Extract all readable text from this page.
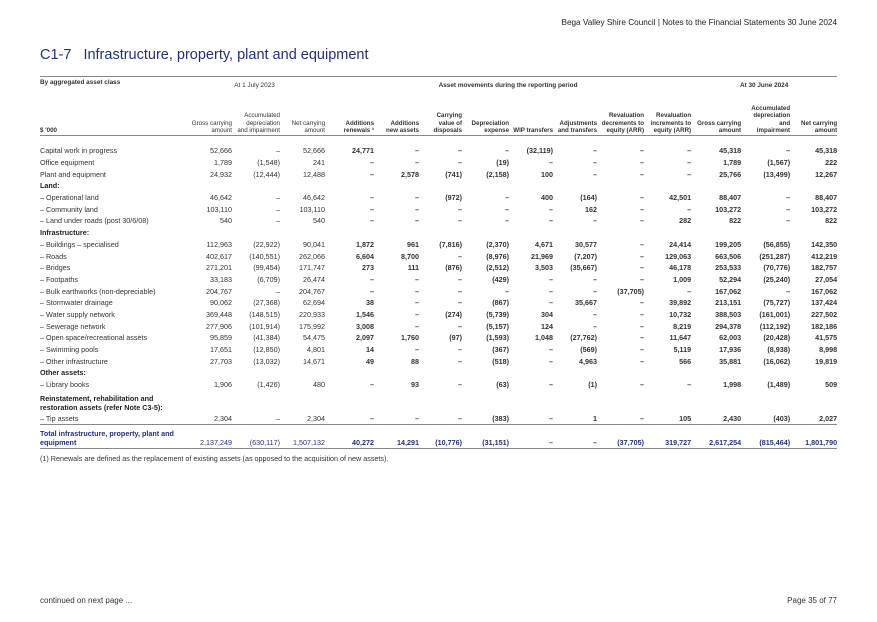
Bega Valley Shire Council | Notes to the Financial Statements 30 June 2024
C1-7 Infrastructure, property, plant and equipment
By aggregated asset class	At 1 July 2023			Asset movements during the reporting period								At 30 June 2024		
$ '000	Gross carrying amount	Accumulated depreciation and impairment	Net carrying amount	Additions renewals ¹	Additions new assets	Carrying value of disposals	Depreciation expense	WIP transfers	Adjustments and transfers	Revaluation decrements to equity (ARR)	Revaluation increments to equity (ARR)	Gross carrying amount	Accumulated depreciation and impairment	Net carrying amount
Capital work in progress	52,666	–	52,666	24,771	–	–	–	(32,119)	–	–	–	45,318	–	45,318
Office equipment	1,789	(1,548)	241	–	–	–	(19)	–	–	–	–	1,789	(1,567)	222
Plant and equipment	24,932	(12,444)	12,488	–	2,578	(741)	(2,158)	100	–	–	–	25,766	(13,499)	12,267
Land:														
– Operational land	46,642	–	46,642	–	–	(972)	–	400	(164)	–	42,501	88,407	–	88,407
– Community land	103,110	–	103,110	–	–	–	–	–	162	–	–	103,272	–	103,272
– Land under roads (post 30/6/08)	540	–	540	–	–	–	–	–	–	–	282	822	–	822
Infrastructure:														
– Buildings – specialised	112,963	(22,922)	90,041	1,872	961	(7,816)	(2,370)	4,671	30,577	–	24,414	199,205	(56,855)	142,350
– Roads	402,617	(140,551)	262,066	6,604	8,700	–	(8,976)	21,969	(7,207)	–	129,063	663,506	(251,287)	412,219
– Bridges	271,201	(99,454)	171,747	273	111	(876)	(2,512)	3,503	(35,667)	–	46,178	253,533	(70,776)	182,757
– Footpaths	33,183	(6,709)	26,474	–	–	–	(429)	–	–	–	1,009	52,294	(25,240)	27,054
– Bulk earthworks (non-depreciable)	204,767	–	204,767	–	–	–	–	–	–	(37,705)	–	167,062	–	167,062
– Stormwater drainage	90,062	(27,368)	62,694	38	–	–	(867)	–	35,667	–	39,892	213,151	(75,727)	137,424
– Water supply network	369,448	(148,515)	220,933	1,546	–	(274)	(5,739)	304	–	–	10,732	388,503	(161,001)	227,502
– Sewerage network	277,906	(101,914)	175,992	3,008	–	–	(5,157)	124	–	–	8,219	294,378	(112,192)	182,186
– Open space/recreational assets	95,859	(41,384)	54,475	2,097	1,760	(97)	(1,593)	1,048	(27,762)	–	11,647	62,003	(20,428)	41,575
– Swimming pools	17,651	(12,850)	4,801	14	–	–	(367)	–	(569)	–	5,119	17,936	(8,938)	8,998
– Other infrastructure	27,703	(13,032)	14,671	49	88	–	(518)	–	4,963	–	566	35,881	(16,062)	19,819
Other assets:														
– Library books	1,906	(1,426)	480	–	93	–	(63)	–	(1)	–	–	1,998	(1,489)	509
Reinstatement, rehabilitation and restoration assets (refer Note C3-5):														
– Tip assets	2,304	–	2,304	–	–	–	(383)	–	1	–	105	2,430	(403)	2,027
Total infrastructure, property, plant and equipment	2,137,249	(630,117)	1,507,132	40,272	14,291	(10,776)	(31,151)	–	–	(37,705)	319,727	2,617,254	(815,464)	1,801,790
(1) Renewals are defined as the replacement of existing assets (as opposed to the acquisition of new assets).
continued on next page ...	Page 35 of 77
